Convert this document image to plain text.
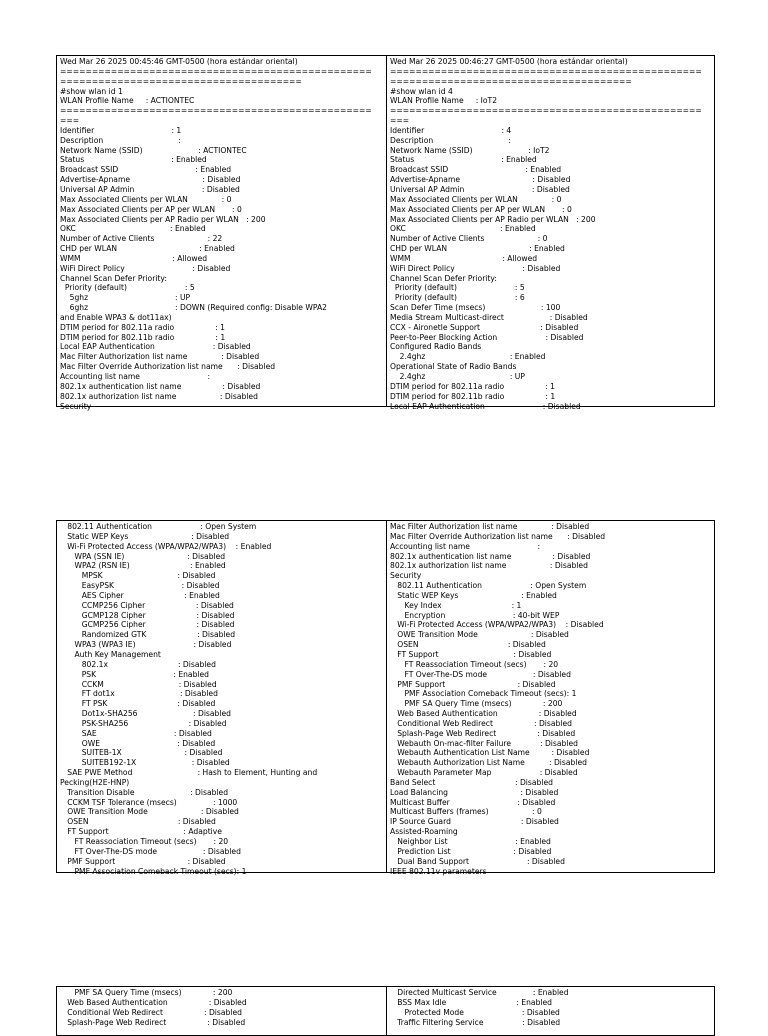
Wed Mar 26 2025 00:45:46 GMT-0500 (hora estándar oriental)
=================================================
======================================
#show wlan id 1
WLAN Profile Name     : ACTIONTEC
=================================================
===
Identifier                                : 1
Description                               :
Network Name (SSID)                       : ACTIONTEC
Status                                    : Enabled
Broadcast SSID                                : Enabled
Advertise-Apname                              : Disabled
Universal AP Admin                            : Disabled
Max Associated Clients per WLAN              : 0
Max Associated Clients per AP per WLAN       : 0
Max Associated Clients per AP Radio per WLAN   : 200
OKC                                       : Enabled
Number of Active Clients                      : 22
CHD per WLAN                                  : Enabled
WMM                                      : Allowed
WiFi Direct Policy                            : Disabled
Channel Scan Defer Priority:
Priority (default)                        : 5
5ghz                                    : UP
6ghz                                    : DOWN (Required config: Disable WPA2
and Enable WPA3 & dot11ax)
DTIM period for 802.11a radio                 : 1
DTIM period for 802.11b radio                 : 1
Local EAP Authentication                        : Disabled
Mac Filter Authorization list name              : Disabled
Mac Filter Override Authorization list name      : Disabled
Accounting list name                            :
802.1x authentication list name                 : Disabled
802.1x authorization list name                  : Disabled
Security
Wed Mar 26 2025 00:46:27 GMT-0500 (hora estándar oriental)
=================================================
======================================
#show wlan id 4
WLAN Profile Name     : IoT2
=================================================
===
Identifier                                : 4
Description                               :
Network Name (SSID)                       : IoT2
Status                                    : Enabled
Broadcast SSID                                : Enabled
Advertise-Apname                              : Disabled
Universal AP Admin                            : Disabled
Max Associated Clients per WLAN              : 0
Max Associated Clients per AP per WLAN       : 0
Max Associated Clients per AP Radio per WLAN   : 200
OKC                                       : Enabled
Number of Active Clients                      : 0
CHD per WLAN                                  : Enabled
WMM                                      : Allowed
WiFi Direct Policy                            : Disabled
Channel Scan Defer Priority:
Priority (default)                        : 5
Priority (default)                        : 6
Scan Defer Time (msecs)                       : 100
Media Stream Multicast-direct                   : Disabled
CCX - Aironetle Support                         : Disabled
Peer-to-Peer Blocking Action                    : Disabled
Configured Radio Bands
2.4ghz                                   : Enabled
Operational State of Radio Bands
2.4ghz                                   : UP
DTIM period for 802.11a radio                 : 1
DTIM period for 802.11b radio                 : 1
Local EAP Authentication                        : Disabled
802.11 Authentication                    : Open System
Static WEP Keys                          : Disabled
Wi-Fi Protected Access (WPA/WPA2/WPA3)    : Enabled
WPA (SSN IE)                          : Disabled
WPA2 (RSN IE)                         : Enabled
MPSK                               : Disabled
EasyPSK                            : Disabled
AES Cipher                         : Enabled
CCMP256 Cipher                     : Disabled
GCMP128 Cipher                     : Disabled
GCMP256 Cipher                     : Disabled
Randomized GTK                     : Disabled
WPA3 (WPA3 IE)                        : Disabled
Auth Key Management
802.1x                             : Disabled
PSK                                : Enabled
CCKM                               : Disabled
FT dot1x                           : Disabled
FT PSK                             : Disabled
Dot1x-SHA256                       : Disabled
PSK-SHA256                         : Disabled
SAE                                : Disabled
OWE                                : Disabled
SUITEB-1X                          : Disabled
SUITEB192-1X                       : Disabled
SAE PWE Method                           : Hash to Element, Hunting and
Pecking(H2E-HNP)
Transition Disable                       : Disabled
CCKM TSF Tolerance (msecs)               : 1000
OWE Transition Mode                      : Disabled
OSEN                                     : Disabled
FT Support                               : Adaptive
FT Reassociation Timeout (secs)       : 20
FT Over-The-DS mode                   : Disabled
PMF Support                              : Disabled
PMF Association Comeback Timeout (secs): 1
Mac Filter Authorization list name              : Disabled
Mac Filter Override Authorization list name      : Disabled
Accounting list name                            :
802.1x authentication list name                 : Disabled
802.1x authorization list name                  : Disabled
Security
802.11 Authentication                    : Open System
Static WEP Keys                          : Enabled
Key Index                             : 1
Encryption                            : 40-bit WEP
Wi-Fi Protected Access (WPA/WPA2/WPA3)    : Disabled
OWE Transition Mode                      : Disabled
OSEN                                     : Disabled
FT Support                               : Disabled
FT Reassociation Timeout (secs)       : 20
FT Over-The-DS mode                   : Disabled
PMF Support                              : Disabled
PMF Association Comeback Timeout (secs): 1
PMF SA Query Time (msecs)             : 200
Web Based Authentication                 : Disabled
Conditional Web Redirect                 : Disabled
Splash-Page Web Redirect                 : Disabled
Webauth On-mac-filter Failure            : Disabled
Webauth Authentication List Name         : Disabled
Webauth Authorization List Name          : Disabled
Webauth Parameter Map                    : Disabled
Band Select                                 : Disabled
Load Balancing                              : Disabled
Multicast Buffer                            : Disabled
Multicast Buffers (frames)                  : 0
IP Source Guard                             : Disabled
Assisted-Roaming
Neighbor List                            : Enabled
Prediction List                          : Disabled
Dual Band Support                        : Disabled
IEEE 802.11v parameters
PMF SA Query Time (msecs)             : 200
Web Based Authentication                 : Disabled
Conditional Web Redirect                 : Disabled
Splash-Page Web Redirect                 : Disabled
Directed Multicast Service               : Enabled
BSS Max Idle                             : Enabled
Protected Mode                        : Disabled
Traffic Filtering Service                : Disabled
